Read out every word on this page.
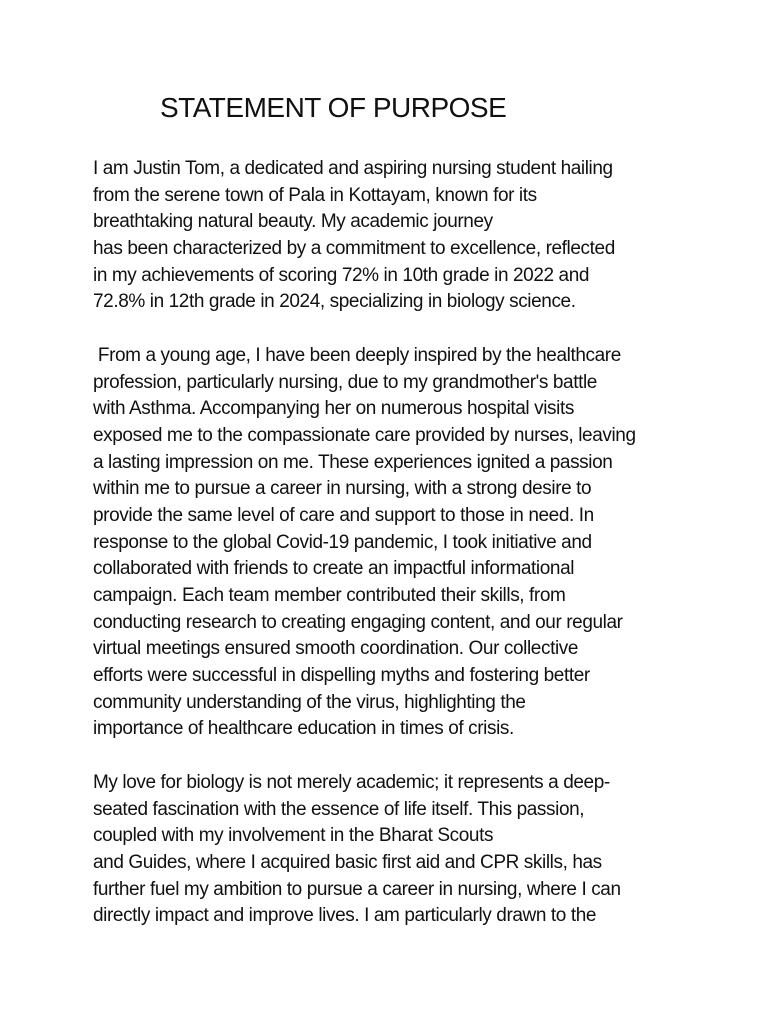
STATEMENT OF PURPOSE

I am Justin Tom, a dedicated and aspiring nursing student hailing
from the serene town of Pala in Kottayam, known for its
breathtaking natural beauty. My academic journey
has been characterized by a commitment to excellence, reflected
in my achievements of scoring 72% in 10th grade in 2022 and
72.8% in 12th grade in 2024, specializing in biology science.

From a young age, I have been deeply inspired by the healthcare
profession, particularly nursing, due to my grandmother's battle
with Asthma. Accompanying her on numerous hospital visits
exposed me to the compassionate care provided by nurses, leaving
a lasting impression on me. These experiences ignited a passion
within me to pursue a career in nursing, with a strong desire to
provide the same level of care and support to those in need. In
response to the global Covid-19 pandemic, I took initiative and
collaborated with friends to create an impactful informational
campaign. Each team member contributed their skills, from
conducting research to creating engaging content, and our regular
virtual meetings ensured smooth coordination. Our collective
efforts were successful in dispelling myths and fostering better
community understanding of the virus, highlighting the
importance of healthcare education in times of crisis.

My love for biology is not merely academic; it represents a deep-
seated fascination with the essence of life itself. This passion,
coupled with my involvement in the Bharat Scouts
and Guides, where I acquired basic first aid and CPR skills, has
further fuel my ambition to pursue a career in nursing, where I can
directly impact and improve lives. I am particularly drawn to the
